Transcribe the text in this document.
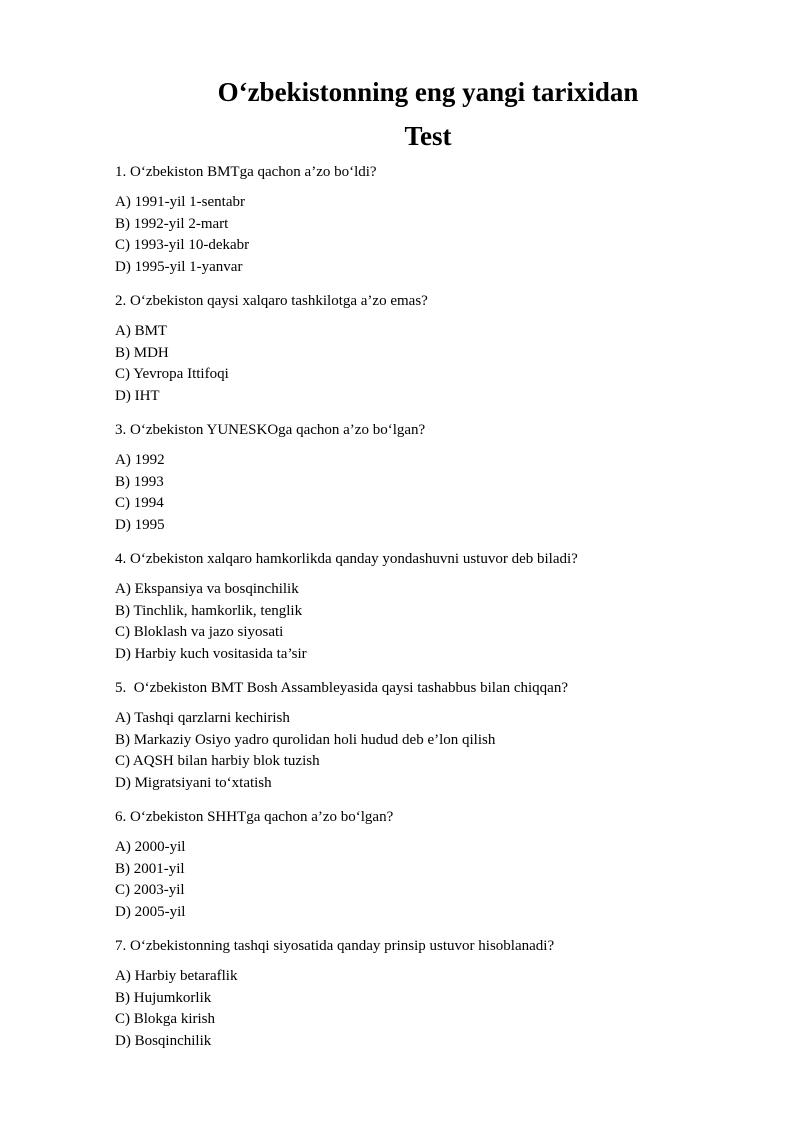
O‘zbekistonning eng yangi tarixidan
Test

1. O‘zbekiston BMTga qachon a’zo bo‘ldi?

A) 1991-yil 1-sentabr
B) 1992-yil 2-mart
C) 1993-yil 10-dekabr
D) 1995-yil 1-yanvar

2. O‘zbekiston qaysi xalqaro tashkilotga a’zo emas?

A) BMT
B) MDH
C) Yevropa Ittifoqi
D) IHT

3. O‘zbekiston YUNESKOga qachon a’zo bo‘lgan?

A) 1992
B) 1993
C) 1994
D) 1995

4. O‘zbekiston xalqaro hamkorlikda qanday yondashuvni ustuvor deb biladi?

A) Ekspansiya va bosqinchilik
B) Tinchlik, hamkorlik, tenglik
C) Bloklash va jazo siyosati
D) Harbiy kuch vositasida ta’sir

5.  O‘zbekiston BMT Bosh Assambleyasida qaysi tashabbus bilan chiqqan?

A) Tashqi qarzlarni kechirish
B) Markaziy Osiyo yadro qurolidan holi hudud deb e’lon qilish
C) AQSH bilan harbiy blok tuzish
D) Migratsiyani to‘xtatish

6. O‘zbekiston SHHTga qachon a’zo bo‘lgan?

A) 2000-yil
B) 2001-yil
C) 2003-yil
D) 2005-yil

7. O‘zbekistonning tashqi siyosatida qanday prinsip ustuvor hisoblanadi?

A) Harbiy betaraflik
B) Hujumkorlik
C) Blokga kirish
D) Bosqinchilik
